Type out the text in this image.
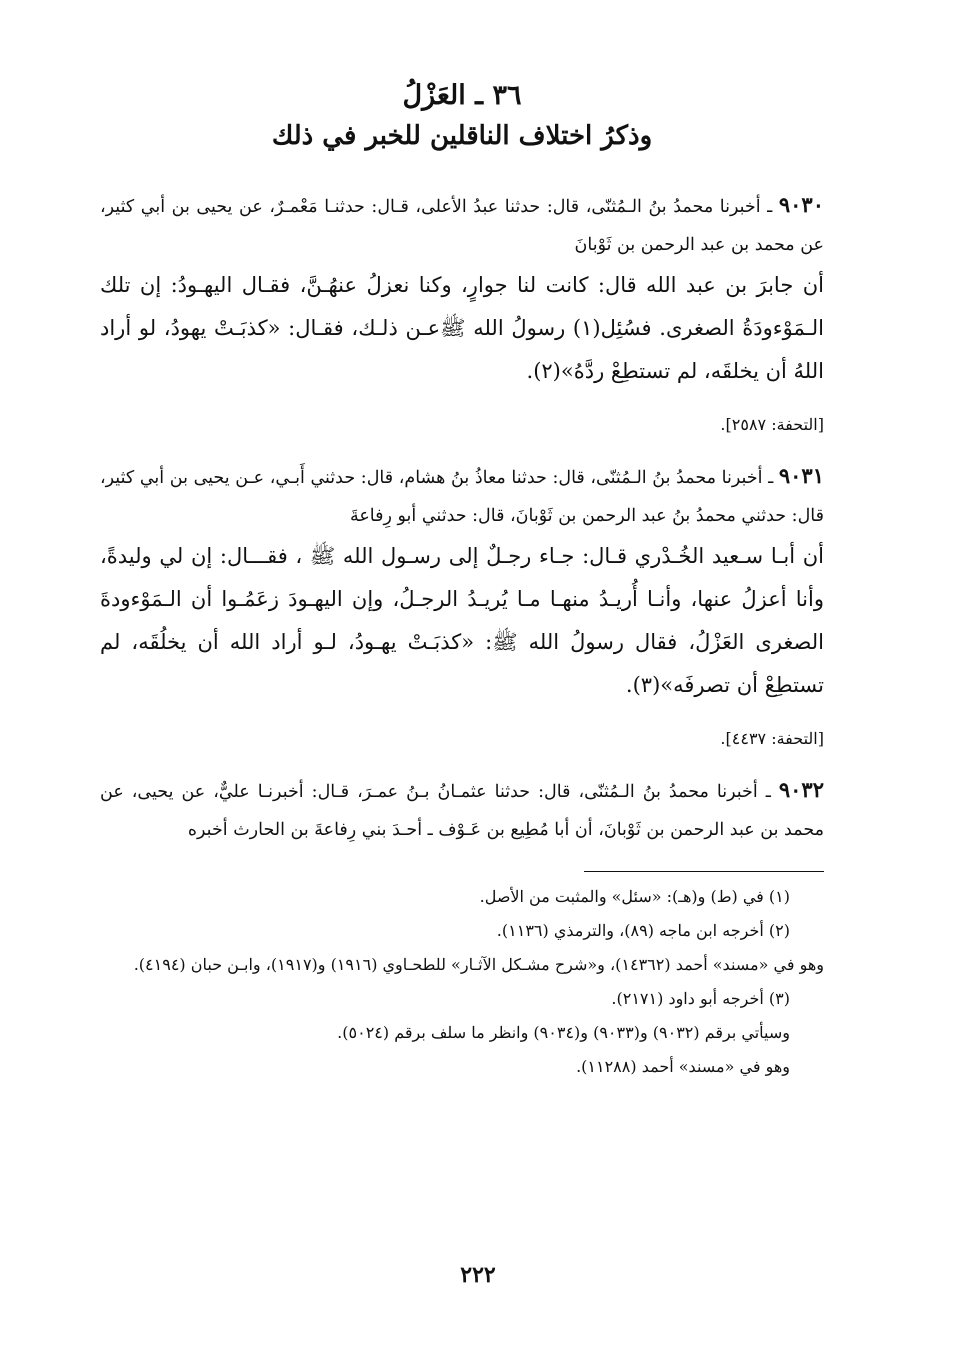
٣٦ ـ العَزْلُ
وذكرُ اختلاف الناقلين للخبر في ذلك

٩٠٣٠ ـ أخبرنا محمدُ بنُ الـمُثنّى، قال: حدثنا عبدُ الأعلى، قـال: حدثنـا مَعْمـرٌ، عن يحيى بن أبي كثير، عن محمد بن عبد الرحمن بن ثَوْبانَ

أن جابرَ بن عبد الله قال: كانت لنا جوارٍ، وكنا نعزلُ عنهُـنَّ، فقـال اليهـودُ: إن تلك الـمَوْءودَةُ الصغرى. فسُئِل(١) رسولُ الله ﷺعـن ذلـك، فقـال: «كذبَـتْ يهودُ، لو أراد اللهُ أن يخلقَه، لم تستطِعْ ردَّهُ»(٢).

[التحفة: ٢٥٨٧].

٩٠٣١ ـ أخبرنا محمدُ بنُ الـمُثنّى، قال: حدثنا معاذُ بنُ هشام، قال: حدثني أَبـي، عـن يحيى بن أبي كثير، قال: حدثني محمدُ بنُ عبد الرحمن بن ثَوْبانَ، قال: حدثني أبو رِفاعةَ

أن أبـا سـعيد الخُـدْري قـال: جـاء رجـلٌ إلى رسـول الله ﷺ ، فقـــال: إن لي وليدةً، وأنا أعزلُ عنها، وأنـا أُريـدُ منهـا مـا يُريـدُ الرجـلُ، وإن اليهـودَ زعَمُـوا أن الـمَوْءودةَ الصغرى العَزْلُ، فقال رسولُ الله ﷺ: «كذبَـتْ يهـودُ، لـو أراد الله أن يخلُقَه، لم تستطِعْ أن تصرفَه»(٣).

[التحفة: ٤٤٣٧].

٩٠٣٢ ـ أخبرنا محمدُ بنُ الـمُثنّى، قال: حدثنا عثمـانُ بـنُ عمـرَ، قـال: أخبرنـا عليٌّ، عن يحيى، عن محمد بن عبد الرحمن بن ثَوْبانَ، أن أبا مُطِيع بن عَـوْف ـ أحـدَ بني رِفاعةَ بن الحارث أخبره

(١) في (ط) و(هـ): «سئل» والمثبت من الأصل.

(٢) أخرجه ابن ماجه (٨٩)، والترمذي (١١٣٦).

وهو في «مسند» أحمد (١٤٣٦٢)، و«شرح مشـكل الآثـار» للطحـاوي (١٩١٦) و(١٩١٧)، وابـن حبان (٤١٩٤).

(٣) أخرجه أبو داود (٢١٧١).

وسيأتي برقم (٩٠٣٢) و(٩٠٣٣) و(٩٠٣٤) وانظر ما سلف برقم (٥٠٢٤).

وهو في «مسند» أحمد (١١٢٨٨).

٢٢٢
